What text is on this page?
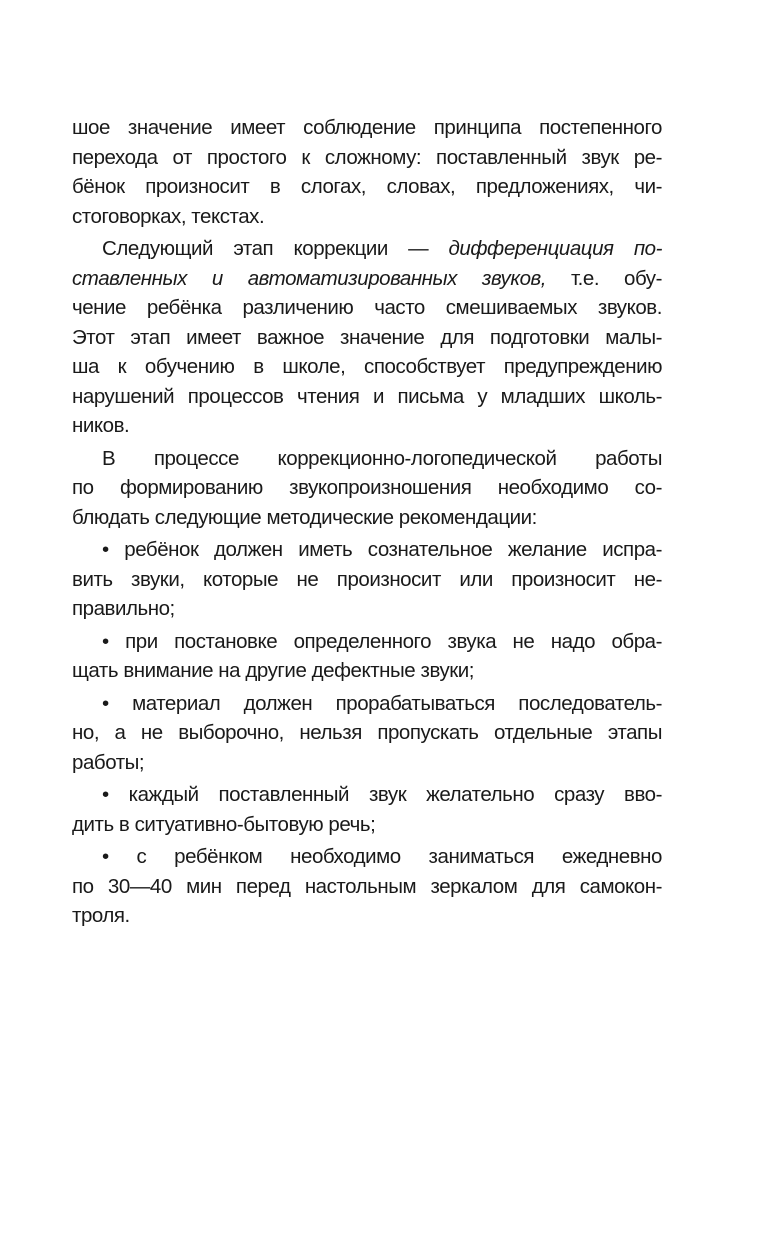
шое значение имеет соблюдение принципа постепенного
перехода от простого к сложному: поставленный звук ре-
бёнок произносит в слогах, словах, предложениях, чи-
стоговорках, текстах.
Следующий этап коррекции — дифференциация по-
ставленных и автоматизированных звуков, т.е. обу-
чение ребёнка различению часто смешиваемых звуков.
Этот этап имеет важное значение для подготовки малы-
ша к обучению в школе, способствует предупреждению
нарушений процессов чтения и письма у младших школь-
ников.
В процессе коррекционно-логопедической работы
по формированию звукопроизношения необходимо со-
блюдать следующие методические рекомендации:
• ребёнок должен иметь сознательное желание испра-
вить звуки, которые не произносит или произносит не-
правильно;
• при постановке определенного звука не надо обра-
щать внимание на другие дефектные звуки;
• материал должен прорабатываться последователь-
но, а не выборочно, нельзя пропускать отдельные этапы
работы;
• каждый поставленный звук желательно сразу вво-
дить в ситуативно-бытовую речь;
• с ребёнком необходимо заниматься ежедневно
по 30—40 мин перед настольным зеркалом для самокон-
троля.
